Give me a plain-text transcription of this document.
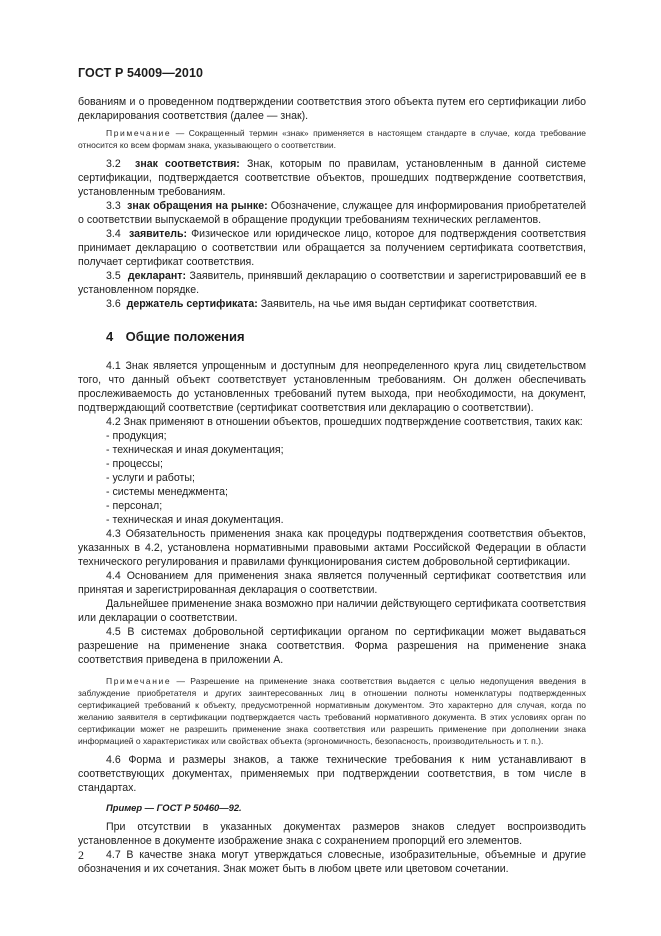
ГОСТ Р 54009—2010

бованиям и о проведенном подтверждении соответствия этого объекта путем его сертификации либо декларирования соответствия (далее — знак).

Примечание — Сокращенный термин «знак» применяется в настоящем стандарте в случае, когда требование относится ко всем формам знака, указывающего о соответствии.

3.2 знак соответствия: Знак, которым по правилам, установленным в данной системе сертификации, подтверждается соответствие объектов, прошедших подтверждение соответствия, установленным требованиям.

3.3 знак обращения на рынке: Обозначение, служащее для информирования приобретателей о соответствии выпускаемой в обращение продукции требованиям технических регламентов.

3.4 заявитель: Физическое или юридическое лицо, которое для подтверждения соответствия принимает декларацию о соответствии или обращается за получением сертификата соответствия, получает сертификат соответствия.

3.5 декларант: Заявитель, принявший декларацию о соответствии и зарегистрировавший ее в установленном порядке.

3.6 держатель сертификата: Заявитель, на чье имя выдан сертификат соответствия.

4 Общие положения

4.1 Знак является упрощенным и доступным для неопределенного круга лиц свидетельством того, что данный объект соответствует установленным требованиям. Он должен обеспечивать прослеживаемость до установленных требований путем выхода, при необходимости, на документ, подтверждающий соответствие (сертификат соответствия или декларацию о соответствии).

4.2 Знак применяют в отношении объектов, прошедших подтверждение соответствия, таких как:

- продукция;

- техническая и иная документация;

- процессы;

- услуги и работы;

- системы менеджмента;

- персонал;

- техническая и иная документация.

4.3 Обязательность применения знака как процедуры подтверждения соответствия объектов, указанных в 4.2, установлена нормативными правовыми актами Российской Федерации в области технического регулирования и правилами функционирования систем добровольной сертификации.

4.4 Основанием для применения знака является полученный сертификат соответствия или принятая и зарегистрированная декларация о соответствии.

Дальнейшее применение знака возможно при наличии действующего сертификата соответствия или декларации о соответствии.

4.5 В системах добровольной сертификации органом по сертификации может выдаваться разрешение на применение знака соответствия. Форма разрешения на применение знака соответствия приведена в приложении А.

Примечание — Разрешение на применение знака соответствия выдается с целью недопущения введения в заблуждение приобретателя и других заинтересованных лиц в отношении полноты номенклатуры подтвержденных сертификацией требований к объекту, предусмотренной нормативным документом. Это характерно для случая, когда по желанию заявителя в сертификации подтверждается часть требований нормативного документа. В этих условиях орган по сертификации может не разрешить применение знака соответствия или разрешить применение при дополнении знака информацией о характеристиках или свойствах объекта (эргономичность, безопасность, производительность и т. п.).

4.6 Форма и размеры знаков, а также технические требования к ним устанавливают в соответствующих документах, применяемых при подтверждении соответствия, в том числе в стандартах.

Пример — ГОСТ Р 50460—92.

При отсутствии в указанных документах размеров знаков следует воспроизводить установленное в документе изображение знака с сохранением пропорций его элементов.

4.7 В качестве знака могут утверждаться словесные, изобразительные, объемные и другие обозначения и их сочетания. Знак может быть в любом цвете или цветовом сочетании.

2
